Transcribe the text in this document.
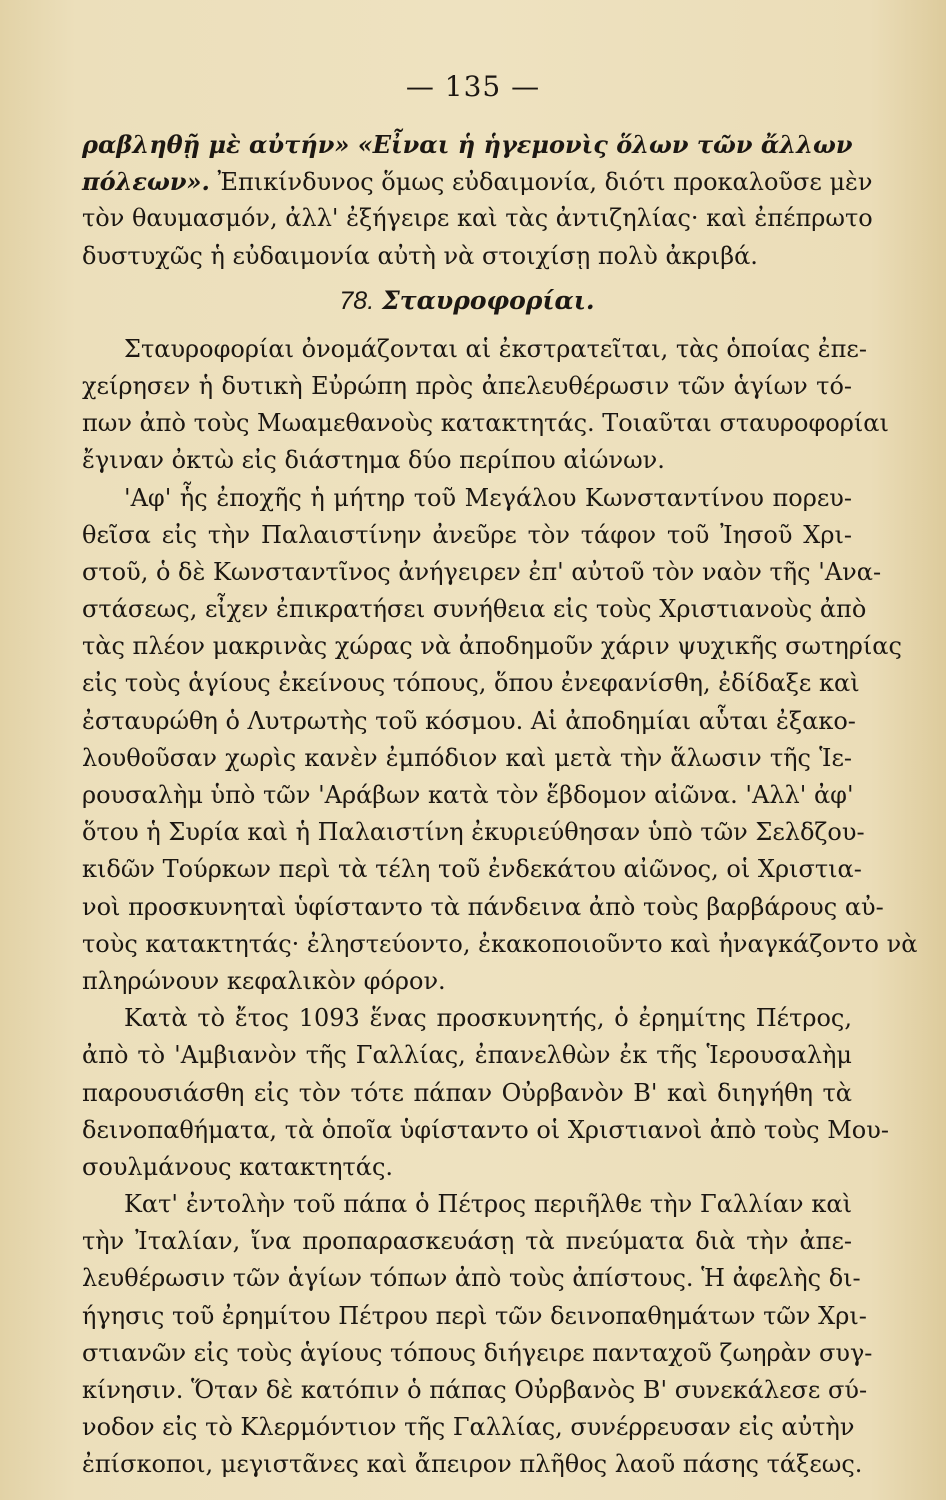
— 135 —
ραβληθῇ μὲ αὐτήν» «Εἶναι ἡ ἡγεμονὶς ὅλων τῶν ἄλλων
πόλεων». Ἐπικίνδυνος ὅμως εὐδαιμονία, διότι προκαλοῦσε μὲν
τὸν θαυμασμόν, ἀλλ' ἐξήγειρε καὶ τὰς ἀντιζηλίας· καὶ ἐπέπρωτο
δυστυχῶς ἡ εὐδαιμονία αὐτὴ νὰ στοιχίσῃ πολὺ ἀκριβά.
78. Σταυροφορίαι.
Σταυροφορίαι ὀνομάζονται αἱ ἐκστρατεῖται, τὰς ὁποίας ἐπε-
χείρησεν ἡ δυτικὴ Εὐρώπη πρὸς ἀπελευθέρωσιν τῶν ἁγίων τό-
πων ἀπὸ τοὺς Μωαμεθανοὺς κατακτητάς. Τοιαῦται σταυροφορίαι
ἔγιναν ὀκτὼ εἰς διάστημα δύο περίπου αἰώνων.
'Αφ' ἧς ἐποχῆς ἡ μήτηρ τοῦ Μεγάλου Κωνσταντίνου πορευ-
θεῖσα εἰς τὴν Παλαιστίνην ἀνεῦρε τὸν τάφον τοῦ Ἰησοῦ Χρι-
στοῦ, ὁ δὲ Κωνσταντῖνος ἀνήγειρεν ἐπ' αὐτοῦ τὸν ναὸν τῆς 'Ανα-
στάσεως, εἶχεν ἐπικρατήσει συνήθεια εἰς τοὺς Χριστιανοὺς ἀπὸ
τὰς πλέον μακρινὰς χώρας νὰ ἀποδημοῦν χάριν ψυχικῆς σωτηρίας
εἰς τοὺς ἁγίους ἐκείνους τόπους, ὅπου ἐνεφανίσθη, ἐδίδαξε καὶ
ἐσταυρώθη ὁ Λυτρωτὴς τοῦ κόσμου. Αἱ ἀποδημίαι αὗται ἐξακο-
λουθοῦσαν χωρὶς κανὲν ἐμπόδιον καὶ μετὰ τὴν ἅλωσιν τῆς Ἱε-
ρουσαλὴμ ὑπὸ τῶν 'Αράβων κατὰ τὸν ἕβδομον αἰῶνα. 'Αλλ' ἀφ'
ὅτου ἡ Συρία καὶ ἡ Παλαιστίνη ἐκυριεύθησαν ὑπὸ τῶν Σελδζου-
κιδῶν Τούρκων περὶ τὰ τέλη τοῦ ἐνδεκάτου αἰῶνος, οἱ Χριστια-
νοὶ προσκυνηταὶ ὑφίσταντο τὰ πάνδεινα ἀπὸ τοὺς βαρβάρους αὐ-
τοὺς κατακτητάς· ἐληστεύοντο, ἐκακοποιοῦντο καὶ ἠναγκάζοντο νὰ
πληρώνουν κεφαλικὸν φόρον.
Κατὰ τὸ ἔτος 1093 ἕνας προσκυνητής, ὁ ἐρημίτης Πέτρος,
ἀπὸ τὸ 'Αμβιανὸν τῆς Γαλλίας, ἐπανελθὼν ἐκ τῆς Ἱερουσαλὴμ
παρουσιάσθη εἰς τὸν τότε πάπαν Οὐρβανὸν Β' καὶ διηγήθη τὰ
δεινοπαθήματα, τὰ ὁποῖα ὑφίσταντο οἱ Χριστιανοὶ ἀπὸ τοὺς Μου-
σουλμάνους κατακτητάς.
Κατ' ἐντολὴν τοῦ πάπα ὁ Πέτρος περιῆλθε τὴν Γαλλίαν καὶ
τὴν Ἰταλίαν, ἵνα προπαρασκευάσῃ τὰ πνεύματα διὰ τὴν ἀπε-
λευθέρωσιν τῶν ἁγίων τόπων ἀπὸ τοὺς ἀπίστους. Ἡ ἀφελὴς δι-
ήγησις τοῦ ἐρημίτου Πέτρου περὶ τῶν δεινοπαθημάτων τῶν Χρι-
στιανῶν εἰς τοὺς ἁγίους τόπους διήγειρε πανταχοῦ ζωηρὰν συγ-
κίνησιν. Ὅταν δὲ κατόπιν ὁ πάπας Οὐρβανὸς Β' συνεκάλεσε σύ-
νοδον εἰς τὸ Κλερμόντιον τῆς Γαλλίας, συνέρρευσαν εἰς αὐτὴν
ἐπίσκοποι, μεγιστᾶνες καὶ ἄπειρον πλῆθος λαοῦ πάσης τάξεως.
